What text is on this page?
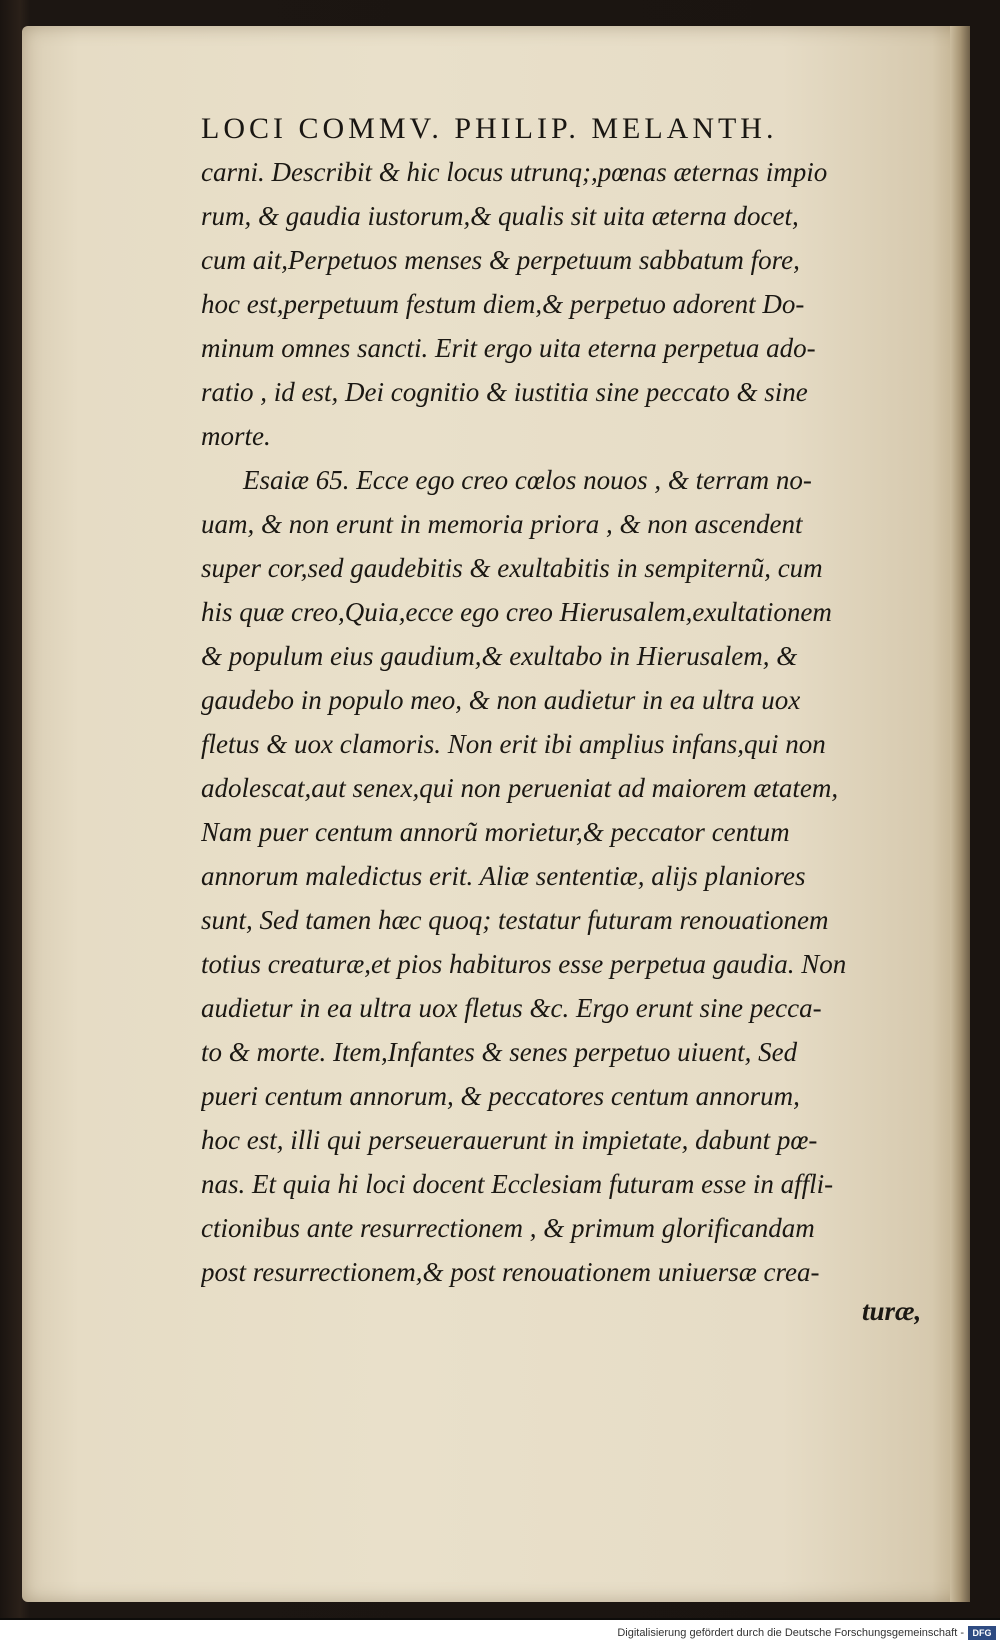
LOCI COMMV. PHILIP. MELANTH.
carni. Describit & hic locus utrunq;,pœnas æternas impio
rum, & gaudia iustorum,& qualis sit uita æterna docet,
cum ait,Perpetuos menses & perpetuum sabbatum fore,
hoc est,perpetuum festum diem,& perpetuo adorent Do-
minum omnes sancti. Erit ergo uita eterna perpetua ado-
ratio , id est, Dei cognitio & iustitia sine peccato & sine
morte.
Esaiæ 65. Ecce ego creo cœlos nouos , & terram no-
uam, & non erunt in memoria priora , & non ascendent
super cor,sed gaudebitis & exultabitis in sempiternũ, cum
his quæ creo,Quia,ecce ego creo Hierusalem,exultationem
& populum eius gaudium,& exultabo in Hierusalem, &
gaudebo in populo meo, & non audietur in ea ultra uox
fletus & uox clamoris. Non erit ibi amplius infans,qui non
adolescat,aut senex,qui non perueniat ad maiorem ætatem,
Nam puer centum annorũ morietur,& peccator centum
annorum maledictus erit. Aliæ sententiæ, alijs planiores
sunt, Sed tamen hæc quoq; testatur futuram renouationem
totius creaturæ,et pios habituros esse perpetua gaudia. Non
audietur in ea ultra uox fletus &c. Ergo erunt sine pecca-
to & morte. Item,Infantes & senes perpetuo uiuent, Sed
pueri centum annorum, & peccatores centum annorum,
hoc est, illi qui perseuerauerunt in impietate, dabunt pœ-
nas. Et quia hi loci docent Ecclesiam futuram esse in affli-
ctionibus ante resurrectionem , & primum glorificandam
post resurrectionem,& post renouationem uniuersæ crea-
turæ,
Digitalisierung gefördert durch die Deutsche Forschungsgemeinschaft - DFG
